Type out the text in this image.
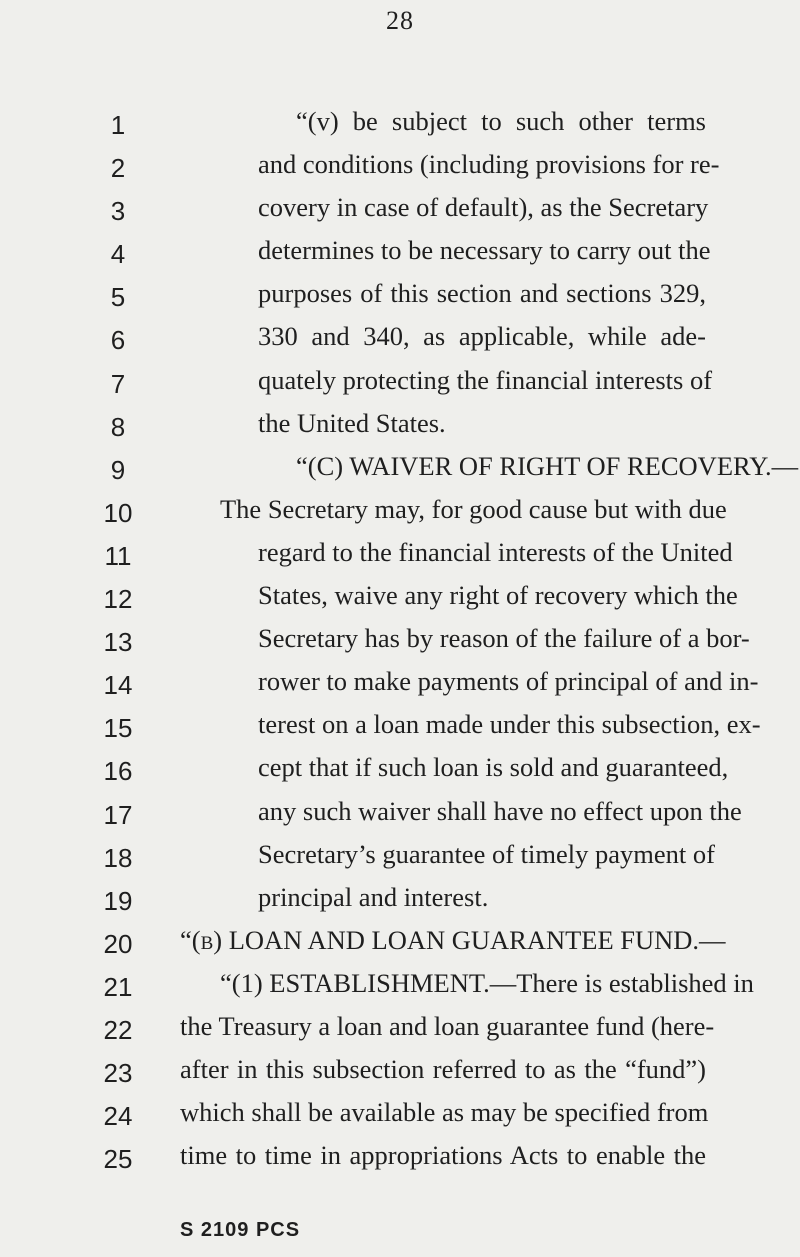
28
1
2
3
4
5
6
7
8
9
10
11
12
13
14
15
16
17
18
19
20
21
22
23
24
25
“(v) be subject to such other terms
and conditions (including provisions for re-
covery in case of default), as the Secretary
determines to be necessary to carry out the
purposes of this section and sections 329,
330 and 340, as applicable, while ade-
quately protecting the financial interests of
the United States.
“(C) WAIVER OF RIGHT OF RECOVERY.—
The Secretary may, for good cause but with due
regard to the financial interests of the United
States, waive any right of recovery which the
Secretary has by reason of the failure of a bor-
rower to make payments of principal of and in-
terest on a loan made under this subsection, ex-
cept that if such loan is sold and guaranteed,
any such waiver shall have no effect upon the
Secretary’s guarantee of timely payment of
principal and interest.
“(b) LOAN AND LOAN GUARANTEE FUND.—
“(1) ESTABLISHMENT.—There is established in
the Treasury a loan and loan guarantee fund (here-
after in this subsection referred to as the “fund”)
which shall be available as may be specified from
time to time in appropriations Acts to enable the
S 2109 PCS
